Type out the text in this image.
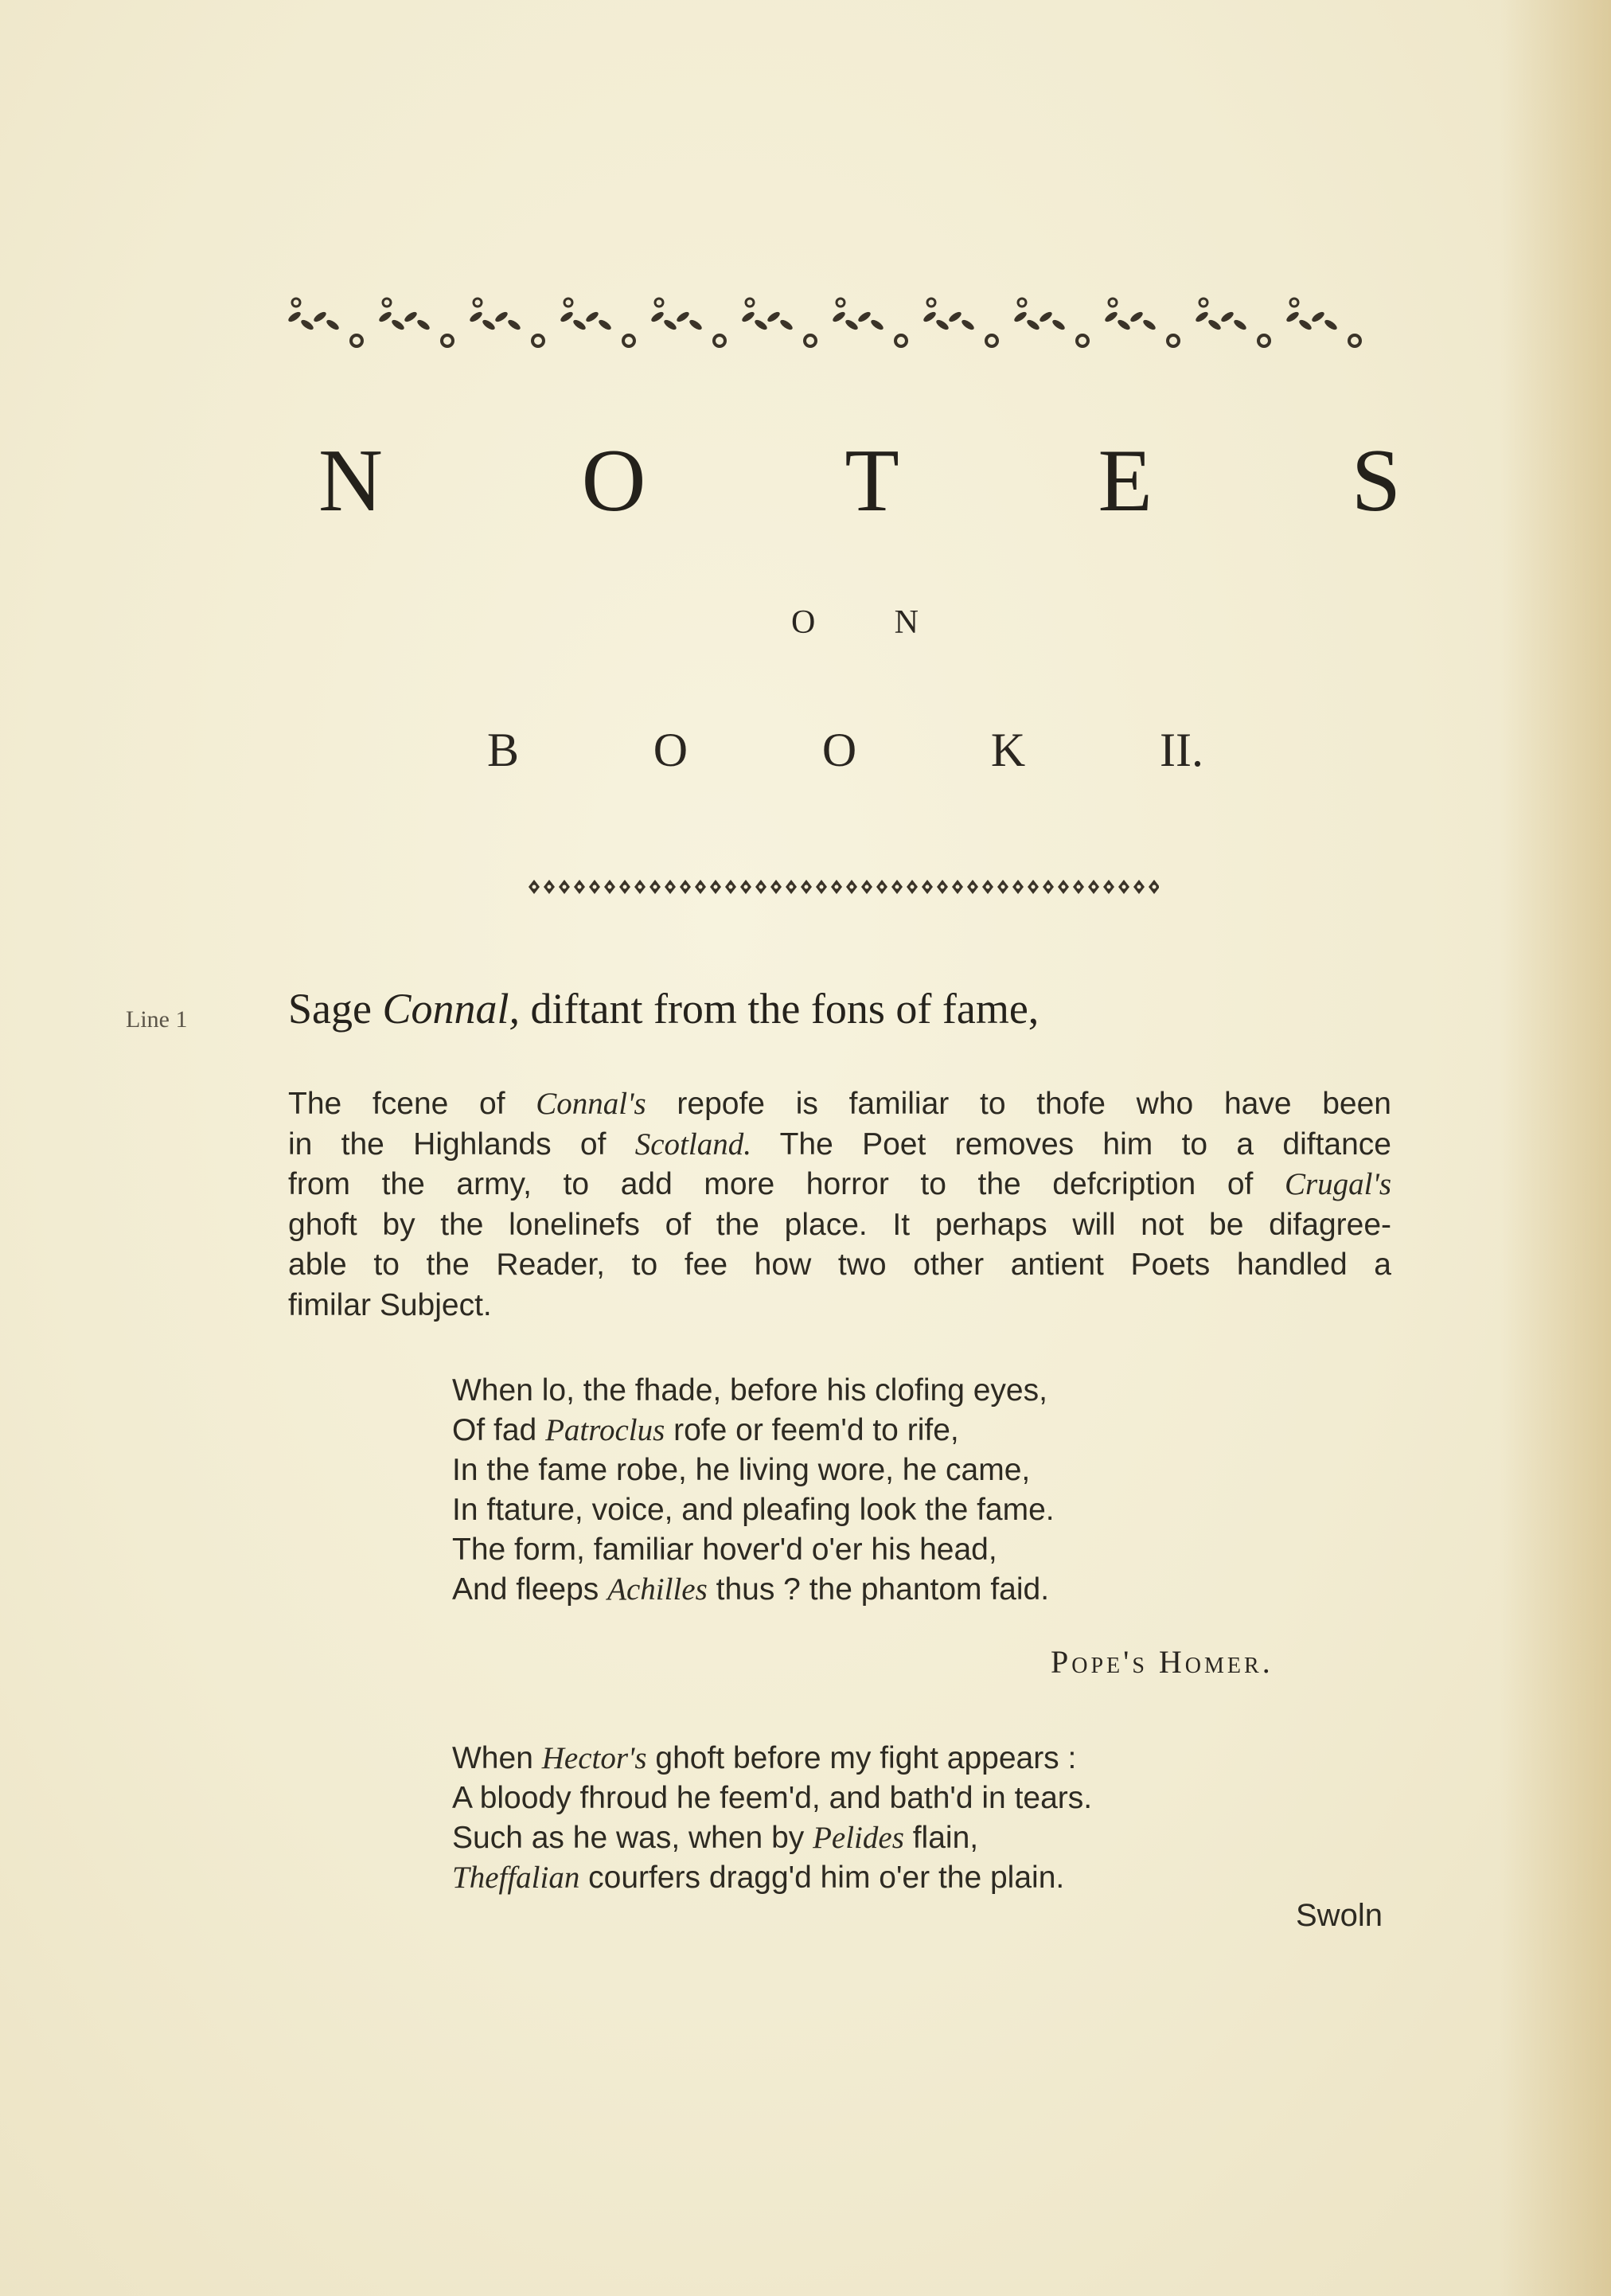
N O T E S
O N
B	O	O	K	II.
Line 1 Sage Connal, diftant from the fons of fame,
The fcene of Connal's repofe is familiar to thofe who have been
in the Highlands of Scotland. The Poet removes him to a diftance
from the army, to add more horror to the defcription of Crugal's
ghoft by the lonelinefs of the place. It perhaps will not be difagree-
able to the Reader, to fee how two other antient Poets handled a
fimilar Subject.
When lo, the fhade, before his clofing eyes,
Of fad Patroclus rofe or feem'd to rife,
In the fame robe, he living wore, he came,
In ftature, voice, and pleafing look the fame.
The form, familiar hover'd o'er his head,
And fleeps Achilles thus ? the phantom faid.
Pope's Homer.
When Hector's ghoft before my fight appears :
A bloody fhroud he feem'd, and bath'd in tears.
Such as he was, when by Pelides flain,
Theffalian courfers dragg'd him o'er the plain.
Swoln
